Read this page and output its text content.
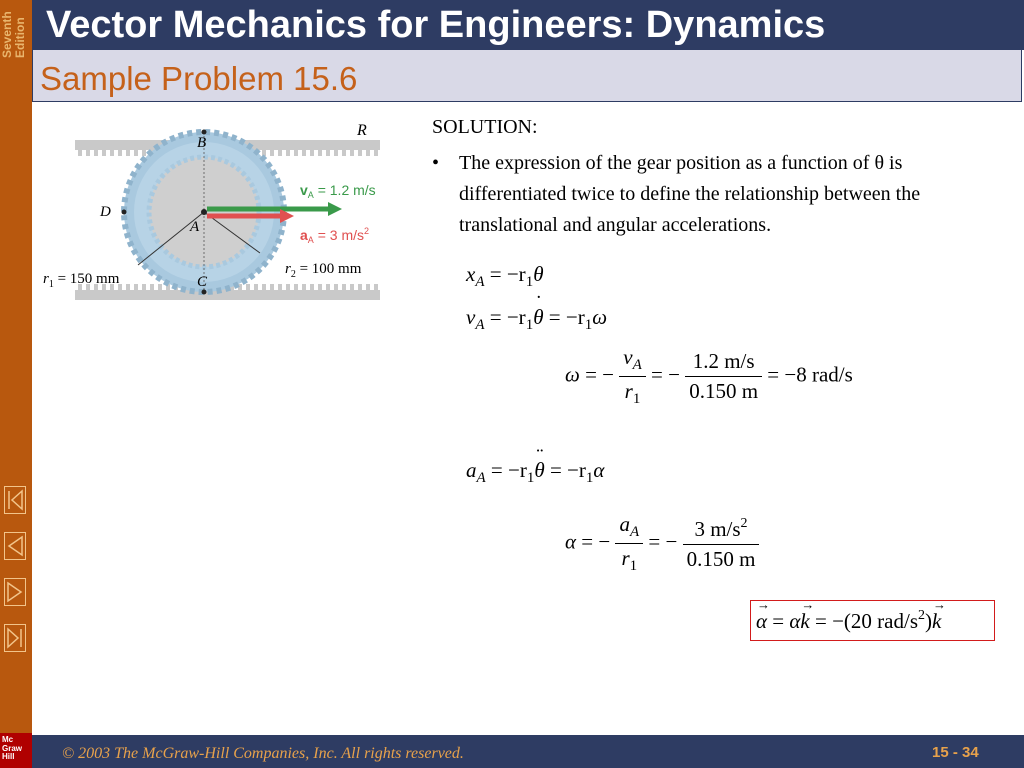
Seventh Edition Vector Mechanics for Engineers: Dynamics
Sample Problem 15.6
R
B
D
A
C
$v_A = 1.2$ m/s
$a_A = 3$ $m/s^2$
$r_2 = 100$ mm
$r_1 = 150$ mm
SOLUTION:
• The expression of the gear position as a function of θ is differentiated twice to define the relationship between the translational and angular accelerations.
$x_A = -r_1\theta$
$v_A$ = $-r_1˙$ $\theta = -r_1\omega$
ω = − $\frac{v_A}{r_1}$ = − $\frac{1.2 m/s}{0.150 m} = -8$ rad/s
$a_A$ = $-r_1¨$ $\theta = -r_1\alpha$
α = − $\frac{a_A}{r_1}$ = − $\frac{3 m/s^2}{0.150 m}$
→ α = α→ k = −(20 rad/$s^2)\to k$
Mc
Graw
Hill	© 2003 The McGraw-Hill Companies, Inc. All rights reserved.	15 - 34
